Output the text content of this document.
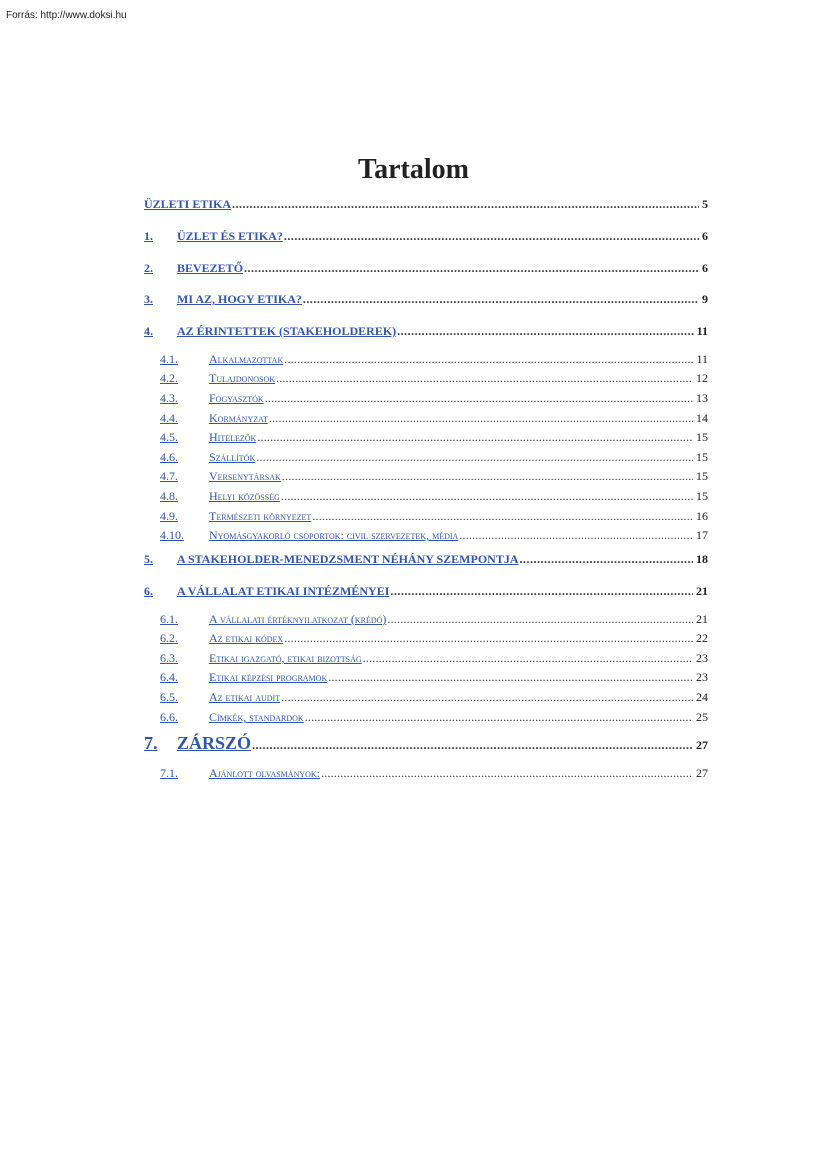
Forrás: http://www.doksi.hu
Tartalom
ÜZLETI ETIKA .....	5
1.	ÜZLET ÉS ETIKA? .....	6
2.	BEVEZETŐ .....	6
3.	MI AZ, HOGY ETIKA? .....	9
4.	AZ ÉRINTETTEK (STAKEHOLDEREK) .....	11
4.1.	Alkalmazottak .....	11
4.2.	Tulajdonosok .....	12
4.3.	Fogyasztók .....	13
4.4.	Kormányzat .....	14
4.5.	Hitelezők .....	15
4.6.	Szállítók .....	15
4.7.	Versenytársak .....	15
4.8.	Helyi közösség .....	15
4.9.	Természeti környezet .....	16
4.10.	Nyomásgyakorló csoportok: civil szervezetek, média .....	17
5.	A STAKEHOLDER-MENEDZSMENT NÉHÁNY SZEMPONTJA .....	18
6.	A VÁLLALAT ETIKAI INTÉZMÉNYEI .....	21
6.1.	A vállalati értéknyilatkozat (krédó) .....	21
6.2.	Az etikai kódex .....	22
6.3.	Etikai igazgató, etikai bizottság .....	23
6.4.	Etikai képzési programok .....	23
6.5.	Az etikai audit .....	24
6.6.	Címkék, standardok .....	25
7.	ZÁRSZÓ .....	27
7.1.	Ajánlott olvasmányok: .....	27
